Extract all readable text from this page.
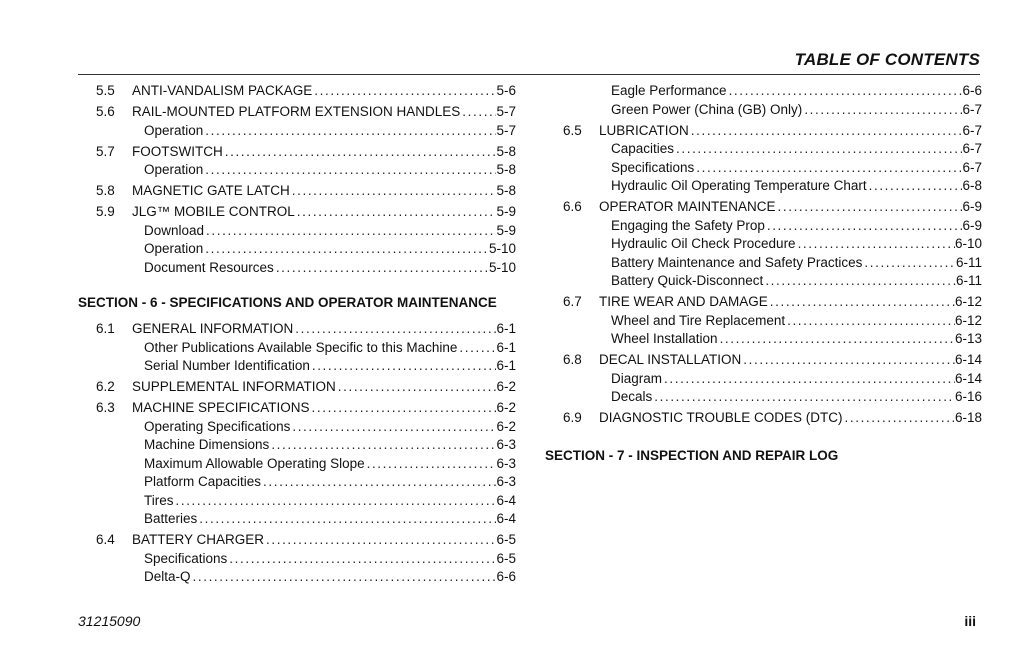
TABLE OF CONTENTS
5.5 ANTI-VANDALISM PACKAGE .....	5-6
5.6 RAIL-MOUNTED PLATFORM EXTENSION HANDLES .....	5-7
Operation .....	5-7
5.7 FOOTSWITCH .....	5-8
Operation .....	5-8
5.8 MAGNETIC GATE LATCH .....	5-8
5.9 JLG™ MOBILE CONTROL .....	5-9
Download .....	5-9
Operation .....	5-10
Document Resources .....	5-10
SECTION - 6 - SPECIFICATIONS AND OPERATOR MAINTENANCE
6.1 GENERAL INFORMATION .....	6-1
Other Publications Available Specific to this Machine .....	6-1
Serial Number Identification .....	6-1
6.2 SUPPLEMENTAL INFORMATION .....	6-2
6.3 MACHINE SPECIFICATIONS .....	6-2
Operating Specifications .....	6-2
Machine Dimensions .....	6-3
Maximum Allowable Operating Slope .....	6-3
Platform Capacities .....	6-3
Tires .....	6-4
Batteries .....	6-4
6.4 BATTERY CHARGER .....	6-5
Specifications .....	6-5
Delta-Q .....	6-6
Eagle Performance .....	6-6
Green Power (China (GB) Only) .....	6-7
6.5 LUBRICATION .....	6-7
Capacities .....	6-7
Specifications .....	6-7
Hydraulic Oil Operating Temperature Chart .....	6-8
6.6 OPERATOR MAINTENANCE .....	6-9
Engaging the Safety Prop .....	6-9
Hydraulic Oil Check Procedure .....	6-10
Battery Maintenance and Safety Practices .....	6-11
Battery Quick-Disconnect .....	6-11
6.7 TIRE WEAR AND DAMAGE .....	6-12
Wheel and Tire Replacement .....	6-12
Wheel Installation .....	6-13
6.8 DECAL INSTALLATION .....	6-14
Diagram .....	6-14
Decals .....	6-16
6.9 DIAGNOSTIC TROUBLE CODES (DTC) .....	6-18
SECTION - 7 - INSPECTION AND REPAIR LOG
31215090	iii
